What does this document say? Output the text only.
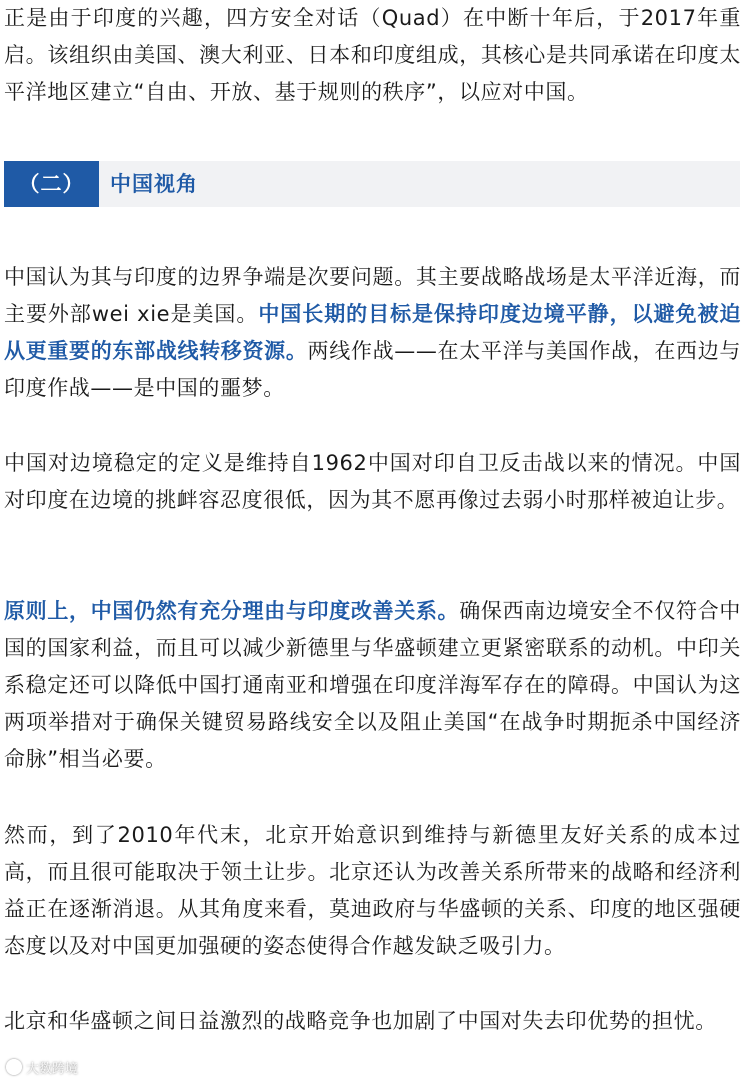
正是由于印度的兴趣，四方安全对话（Quad）在中断十年后，于2017年重启。该组织由美国、澳大利亚、日本和印度组成，其核心是共同承诺在印度太平洋地区建立“自由、开放、基于规则的秩序”，以应对中国。

（二）	中国视角

中国认为其与印度的边界争端是次要问题。其主要战略战场是太平洋近海，而主要外部wei xie是美国。中国长期的目标是保持印度边境平静，以避免被迫从更重要的东部战线转移资源。两线作战——在太平洋与美国作战，在西边与印度作战——是中国的噩梦。

中国对边境稳定的定义是维持自1962中国对印自卫反击战以来的情况。中国对印度在边境的挑衅容忍度很低，因为其不愿再像过去弱小时那样被迫让步。

原则上，中国仍然有充分理由与印度改善关系。确保西南边境安全不仅符合中国的国家利益，而且可以减少新德里与华盛顿建立更紧密联系的动机。中印关系稳定还可以降低中国打通南亚和增强在印度洋海军存在的障碍。中国认为这两项举措对于确保关键贸易路线安全以及阻止美国“在战争时期扼杀中国经济命脉”相当必要。

然而，到了2010年代末，北京开始意识到维持与新德里友好关系的成本过高，而且很可能取决于领土让步。北京还认为改善关系所带来的战略和经济利益正在逐渐消退。从其角度来看，莫迪政府与华盛顿的关系、印度的地区强硬态度以及对中国更加强硬的姿态使得合作越发缺乏吸引力。

北京和华盛顿之间日益激烈的战略竞争也加剧了中国对失去印优势的担忧。

大数跨境
